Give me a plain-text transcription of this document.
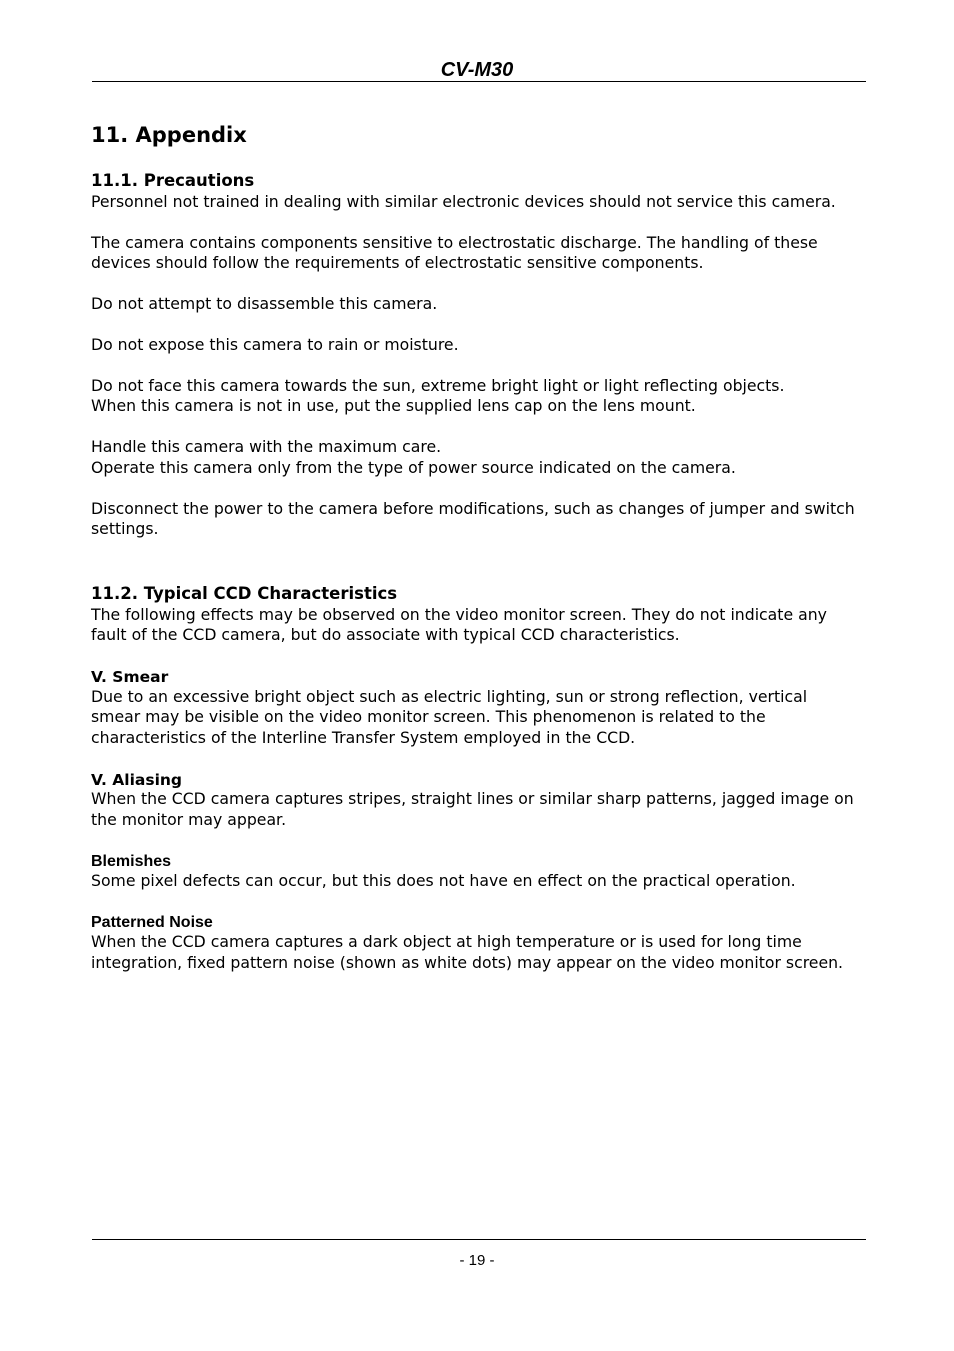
CV-M30

11. Appendix

11.1. Precautions

Personnel not trained in dealing with similar electronic devices should not service this camera.

The camera contains components sensitive to electrostatic discharge. The handling of these

devices should follow the requirements of electrostatic sensitive components.

Do not attempt to disassemble this camera.

Do not expose this camera to rain or moisture.

Do not face this camera towards the sun, extreme bright light or light reflecting objects.

When this camera is not in use, put the supplied lens cap on the lens mount.

Handle this camera with the maximum care.

Operate this camera only from the type of power source indicated on the camera.

Disconnect the power to the camera before modifications, such as changes of jumper and switch

settings.

11.2. Typical CCD Characteristics

The following effects may be observed on the video monitor screen. They do not indicate any

fault of the CCD camera, but do associate with typical CCD characteristics.

V. Smear

Due to an excessive bright object such as electric lighting, sun or strong reflection, vertical

smear may be visible on the video monitor screen. This phenomenon is related to the

characteristics of the Interline Transfer System employed in the CCD.

V. Aliasing

When the CCD camera captures stripes, straight lines or similar sharp patterns, jagged image on

the monitor may appear.

Blemishes

Some pixel defects can occur, but this does not have en effect on the practical operation.

Patterned Noise

When the CCD camera captures a dark object at high temperature or is used for long time

integration, fixed pattern noise (shown as white dots) may appear on the video monitor screen.

- 19 -
